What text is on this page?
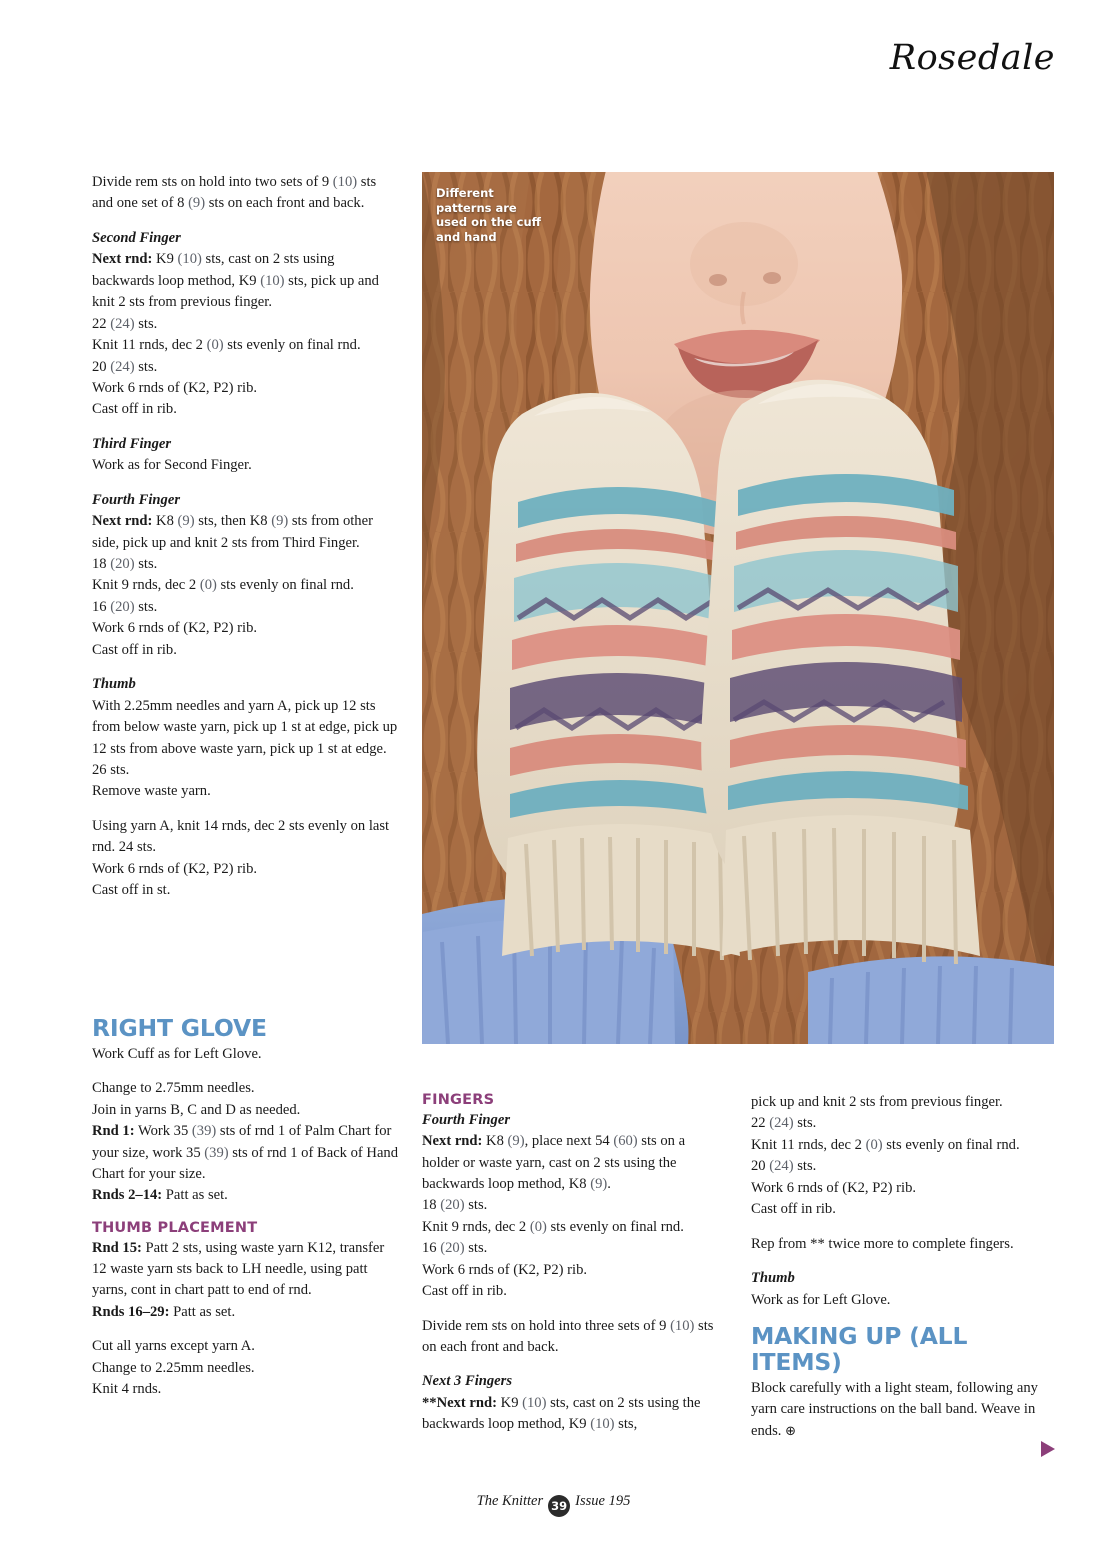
Rosedale
Different patterns are used on the cuff and hand

Divide rem sts on hold into two sets of 9 (10) sts and one set of 8 (9) sts on each front and back.

Second Finger

Next rnd: K9 (10) sts, cast on 2 sts using backwards loop method, K9 (10) sts, pick up and knit 2 sts from previous finger.

22 (24) sts.

Knit 11 rnds, dec 2 (0) sts evenly on final rnd.

20 (24) sts.

Work 6 rnds of (K2, P2) rib.

Cast off in rib.

Third Finger

Work as for Second Finger.

Fourth Finger

Next rnd: K8 (9) sts, then K8 (9) sts from other side, pick up and knit 2 sts from Third Finger.

18 (20) sts.

Knit 9 rnds, dec 2 (0) sts evenly on final rnd.

16 (20) sts.

Work 6 rnds of (K2, P2) rib.

Cast off in rib.

Thumb

With 2.25mm needles and yarn A, pick up 12 sts from below waste yarn, pick up 1 st at edge, pick up 12 sts from above waste yarn, pick up 1 st at edge.

26 sts.

Remove waste yarn.

Using yarn A, knit 14 rnds, dec 2 sts evenly on last rnd. 24 sts.

Work 6 rnds of (K2, P2) rib.

Cast off in st.

RIGHT GLOVE

Work Cuff as for Left Glove.

Change to 2.75mm needles.

Join in yarns B, C and D as needed.

Rnd 1: Work 35 (39) sts of rnd 1 of Palm Chart for your size, work 35 (39) sts of rnd 1 of Back of Hand Chart for your size.

Rnds 2–14: Patt as set.

THUMB PLACEMENT

Rnd 15: Patt 2 sts, using waste yarn K12, transfer 12 waste yarn sts back to LH needle, using patt yarns, cont in chart patt to end of rnd.

Rnds 16–29: Patt as set.

Cut all yarns except yarn A.

Change to 2.25mm needles.

Knit 4 rnds.

FINGERS
Fourth Finger

Next rnd: K8 (9), place next 54 (60) sts on a holder or waste yarn, cast on 2 sts using the backwards loop method, K8 (9).

18 (20) sts.

Knit 9 rnds, dec 2 (0) sts evenly on final rnd.

16 (20) sts.

Work 6 rnds of (K2, P2) rib.

Cast off in rib.

Divide rem sts on hold into three sets of 9 (10) sts on each front and back.

Next 3 Fingers

**Next rnd: K9 (10) sts, cast on 2 sts using the backwards loop method, K9 (10) sts,

pick up and knit 2 sts from previous finger.

22 (24) sts.

Knit 11 rnds, dec 2 (0) sts evenly on final rnd.

20 (24) sts.

Work 6 rnds of (K2, P2) rib.

Cast off in rib.

Rep from ** twice more to complete fingers.

Thumb

Work as for Left Glove.

MAKING UP (ALL ITEMS)

Block carefully with a light steam, following any yarn care instructions on the ball band. Weave in ends. ⊕

The Knitter 39 Issue 195
